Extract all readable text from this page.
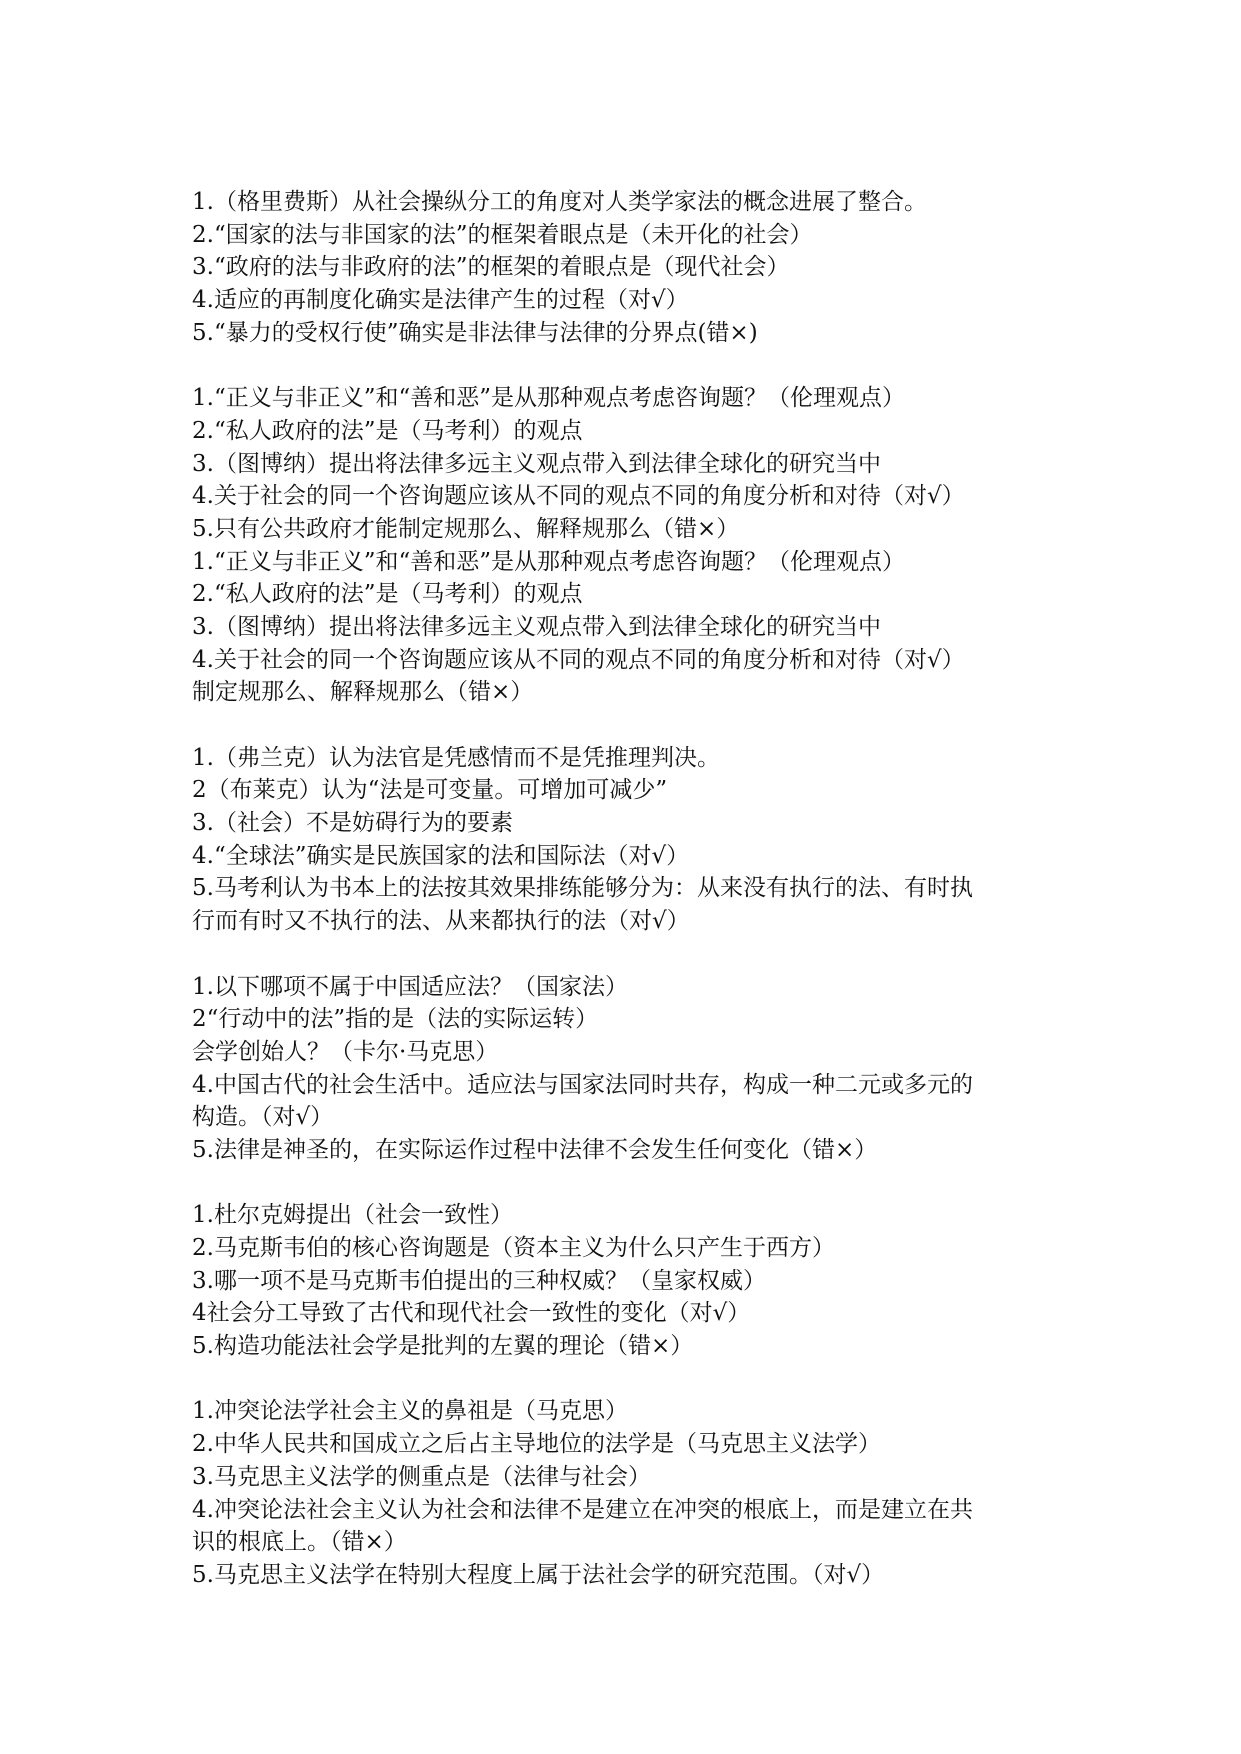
1.（格里费斯）从社会操纵分工的角度对人类学家法的概念进展了整合。
2.“国家的法与非国家的法”的框架着眼点是（未开化的社会）
3.“政府的法与非政府的法”的框架的着眼点是（现代社会）
4.适应的再制度化确实是法律产生的过程（对√）
5.“暴力的受权行使”确实是非法律与法律的分界点(错×)
1.“正义与非正义”和“善和恶”是从那种观点考虑咨询题？（伦理观点）
2.“私人政府的法”是（马考利）的观点
3.（图博纳）提出将法律多远主义观点带入到法律全球化的研究当中
4.关于社会的同一个咨询题应该从不同的观点不同的角度分析和对待（对√）
5.只有公共政府才能制定规那么、解释规那么（错×）
1.“正义与非正义”和“善和恶”是从那种观点考虑咨询题？（伦理观点）
2.“私人政府的法”是（马考利）的观点
3.（图博纳）提出将法律多远主义观点带入到法律全球化的研究当中
4.关于社会的同一个咨询题应该从不同的观点不同的角度分析和对待（对√）
制定规那么、解释规那么（错×）
1.（弗兰克）认为法官是凭感情而不是凭推理判决。
2（布莱克）认为“法是可变量。可增加可减少”
3.（社会）不是妨碍行为的要素
4.“全球法”确实是民族国家的法和国际法（对√）
5.马考利认为书本上的法按其效果排练能够分为：从来没有执行的法、有时执
行而有时又不执行的法、从来都执行的法（对√）
1.以下哪项不属于中国适应法？（国家法）
2“行动中的法”指的是（法的实际运转）
会学创始人？（卡尔·马克思）
4.中国古代的社会生活中。适应法与国家法同时共存，构成一种二元或多元的
构造。（对√）
5.法律是神圣的，在实际运作过程中法律不会发生任何变化（错×）
1.杜尔克姆提出（社会一致性）
2.马克斯韦伯的核心咨询题是（资本主义为什么只产生于西方）
3.哪一项不是马克斯韦伯提出的三种权威？（皇家权威）
4社会分工导致了古代和现代社会一致性的变化（对√）
5.构造功能法社会学是批判的左翼的理论（错×）
1.冲突论法学社会主义的鼻祖是（马克思）
2.中华人民共和国成立之后占主导地位的法学是（马克思主义法学）
3.马克思主义法学的侧重点是（法律与社会）
4.冲突论法社会主义认为社会和法律不是建立在冲突的根底上，而是建立在共
识的根底上。（错×）
5.马克思主义法学在特别大程度上属于法社会学的研究范围。（对√）
